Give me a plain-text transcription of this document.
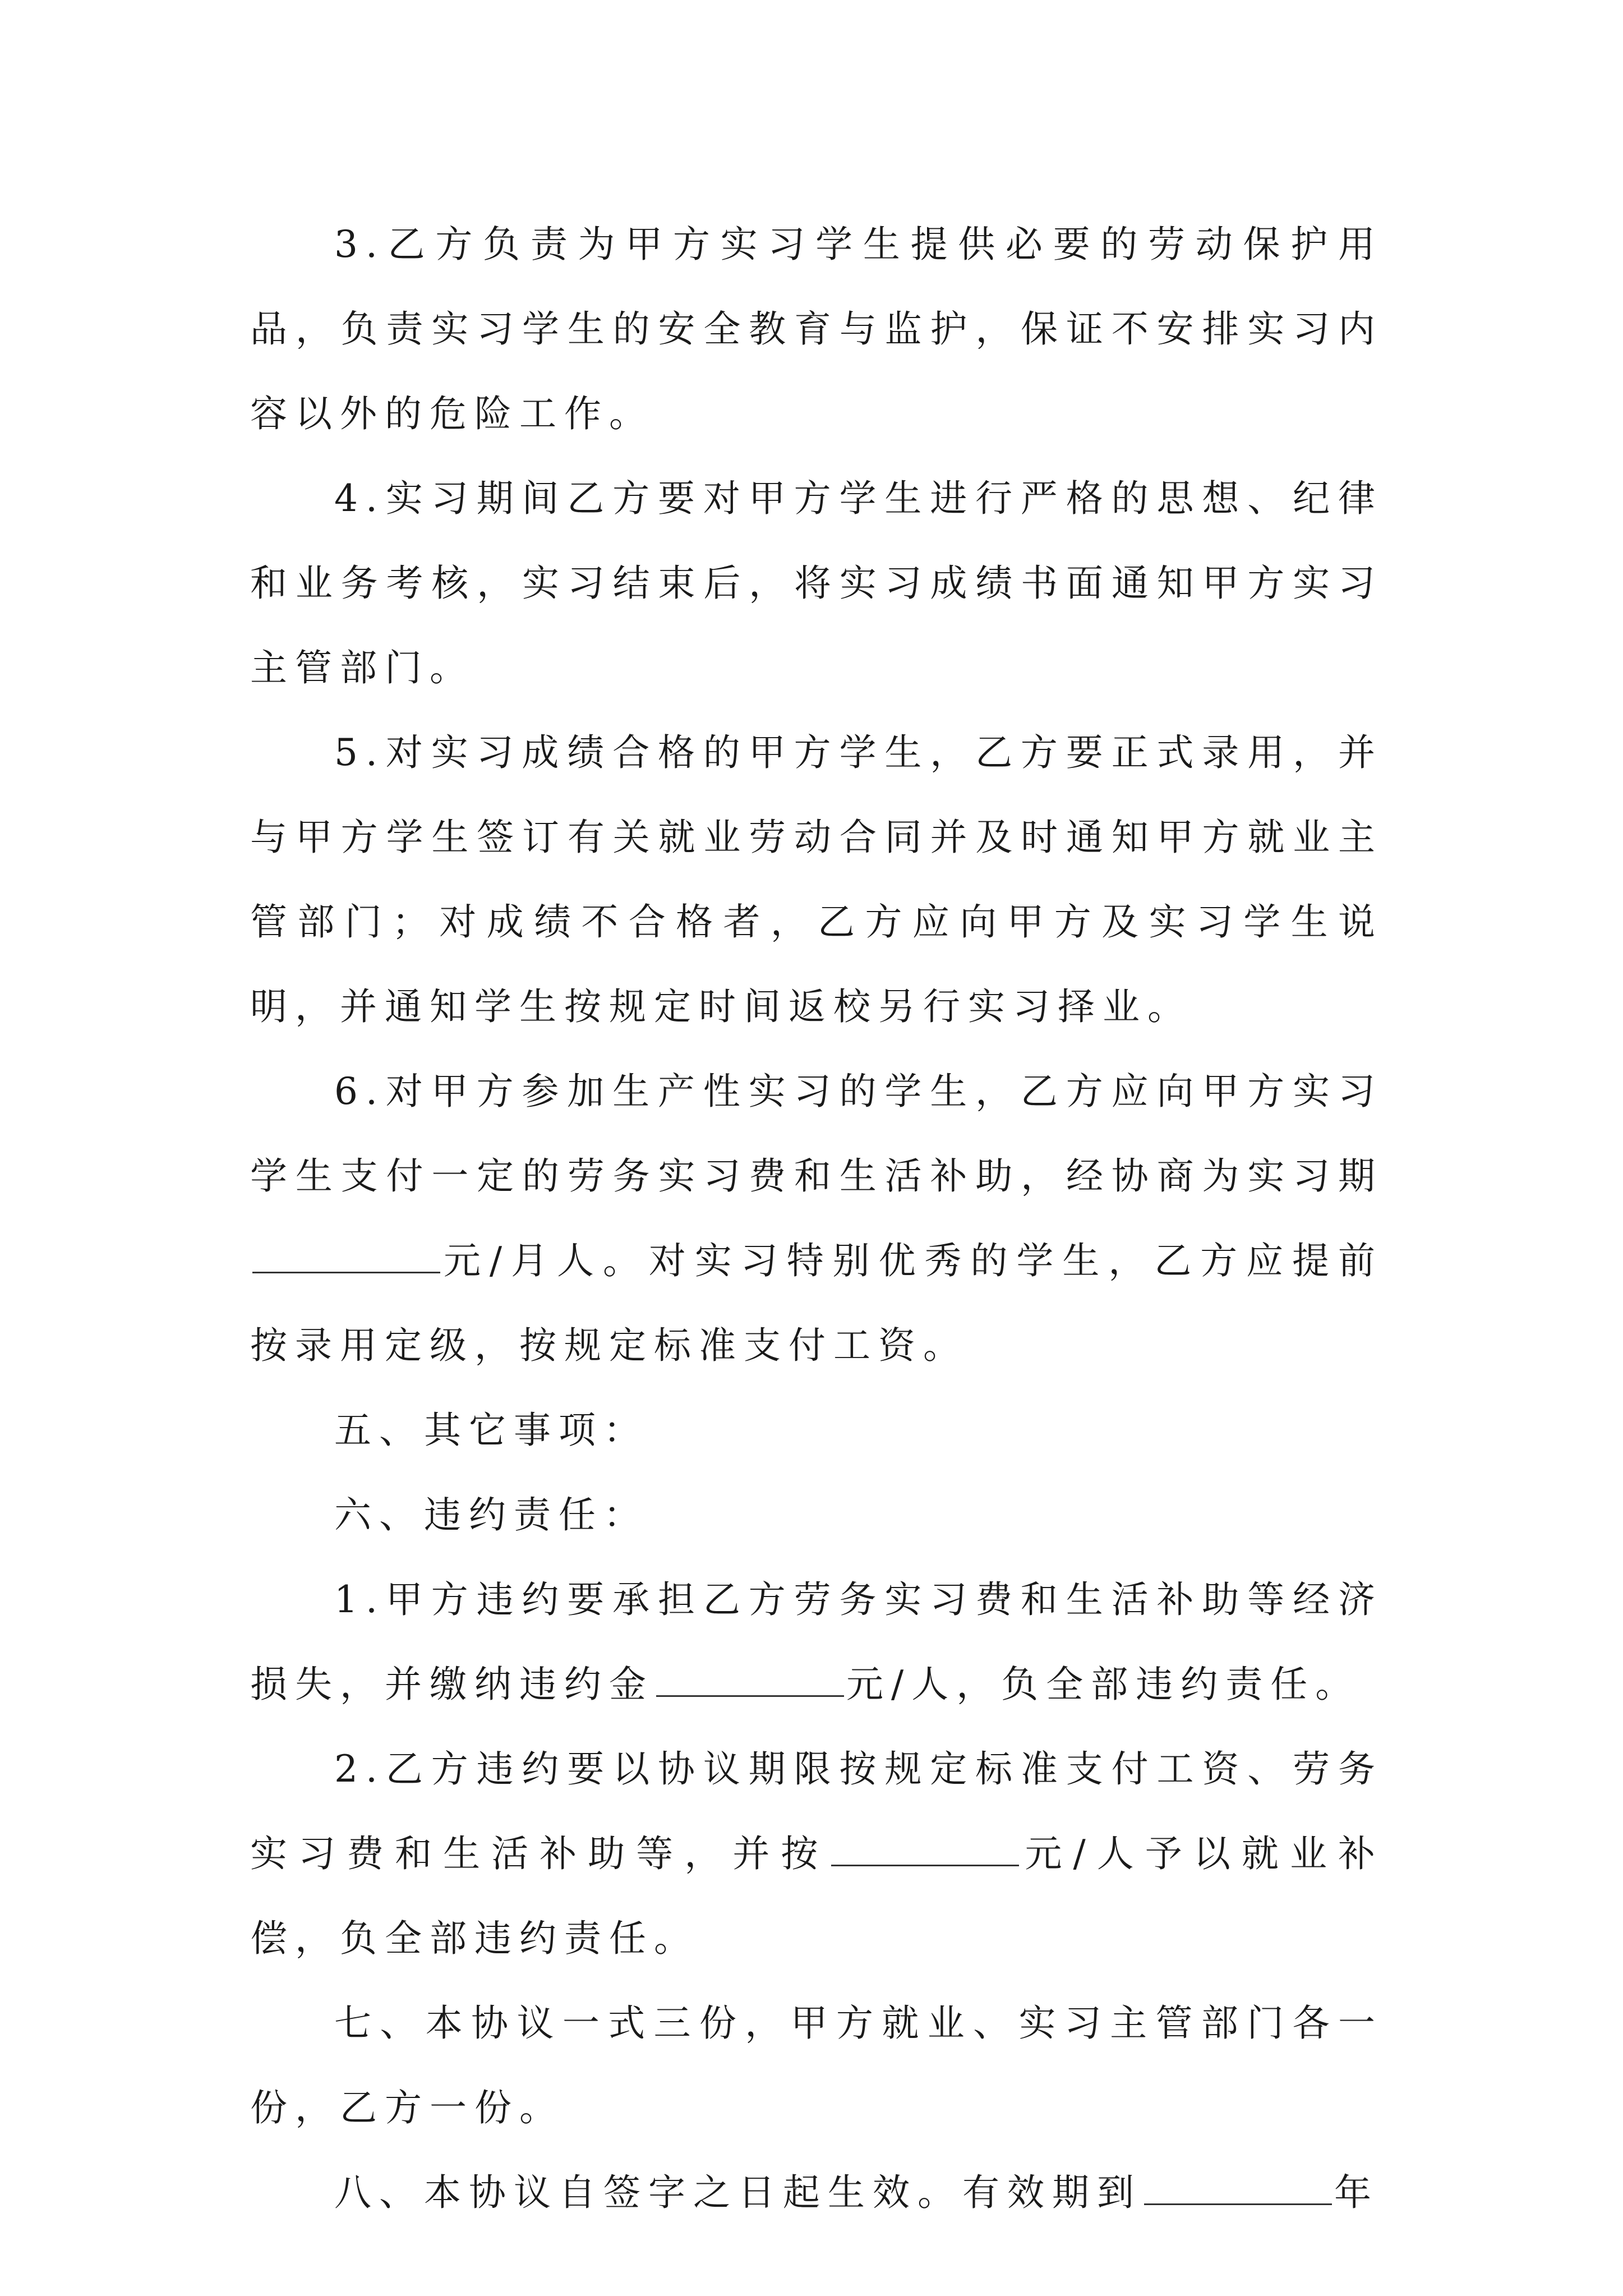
3.乙方负责为甲方实习学生提供必要的劳动保护用品，负责实习学生的安全教育与监护，保证不安排实习内容以外的危险工作。

4.实习期间乙方要对甲方学生进行严格的思想、纪律和业务考核，实习结束后，将实习成绩书面通知甲方实习主管部门。

5.对实习成绩合格的甲方学生，乙方要正式录用，并与甲方学生签订有关就业劳动合同并及时通知甲方就业主管部门；对成绩不合格者，乙方应向甲方及实习学生说明，并通知学生按规定时间返校另行实习择业。

6.对甲方参加生产性实习的学生，乙方应向甲方实习学生支付一定的劳务实习费和生活补助，经协商为实习期元/月人。对实习特别优秀的学生，乙方应提前按录用定级，按规定标准支付工资。

五、其它事项：

六、违约责任：

1.甲方违约要承担乙方劳务实习费和生活补助等经济损失，并缴纳违约金	元/人，负全部违约责任。

2.乙方违约要以协议期限按规定标准支付工资、劳务实习费和生活补助等，并按	元/人予以就业补偿，负全部违约责任。

七、本协议一式三份，甲方就业、实习主管部门各一份，乙方一份。

八、本协议自签字之日起生效。有效期到	年
